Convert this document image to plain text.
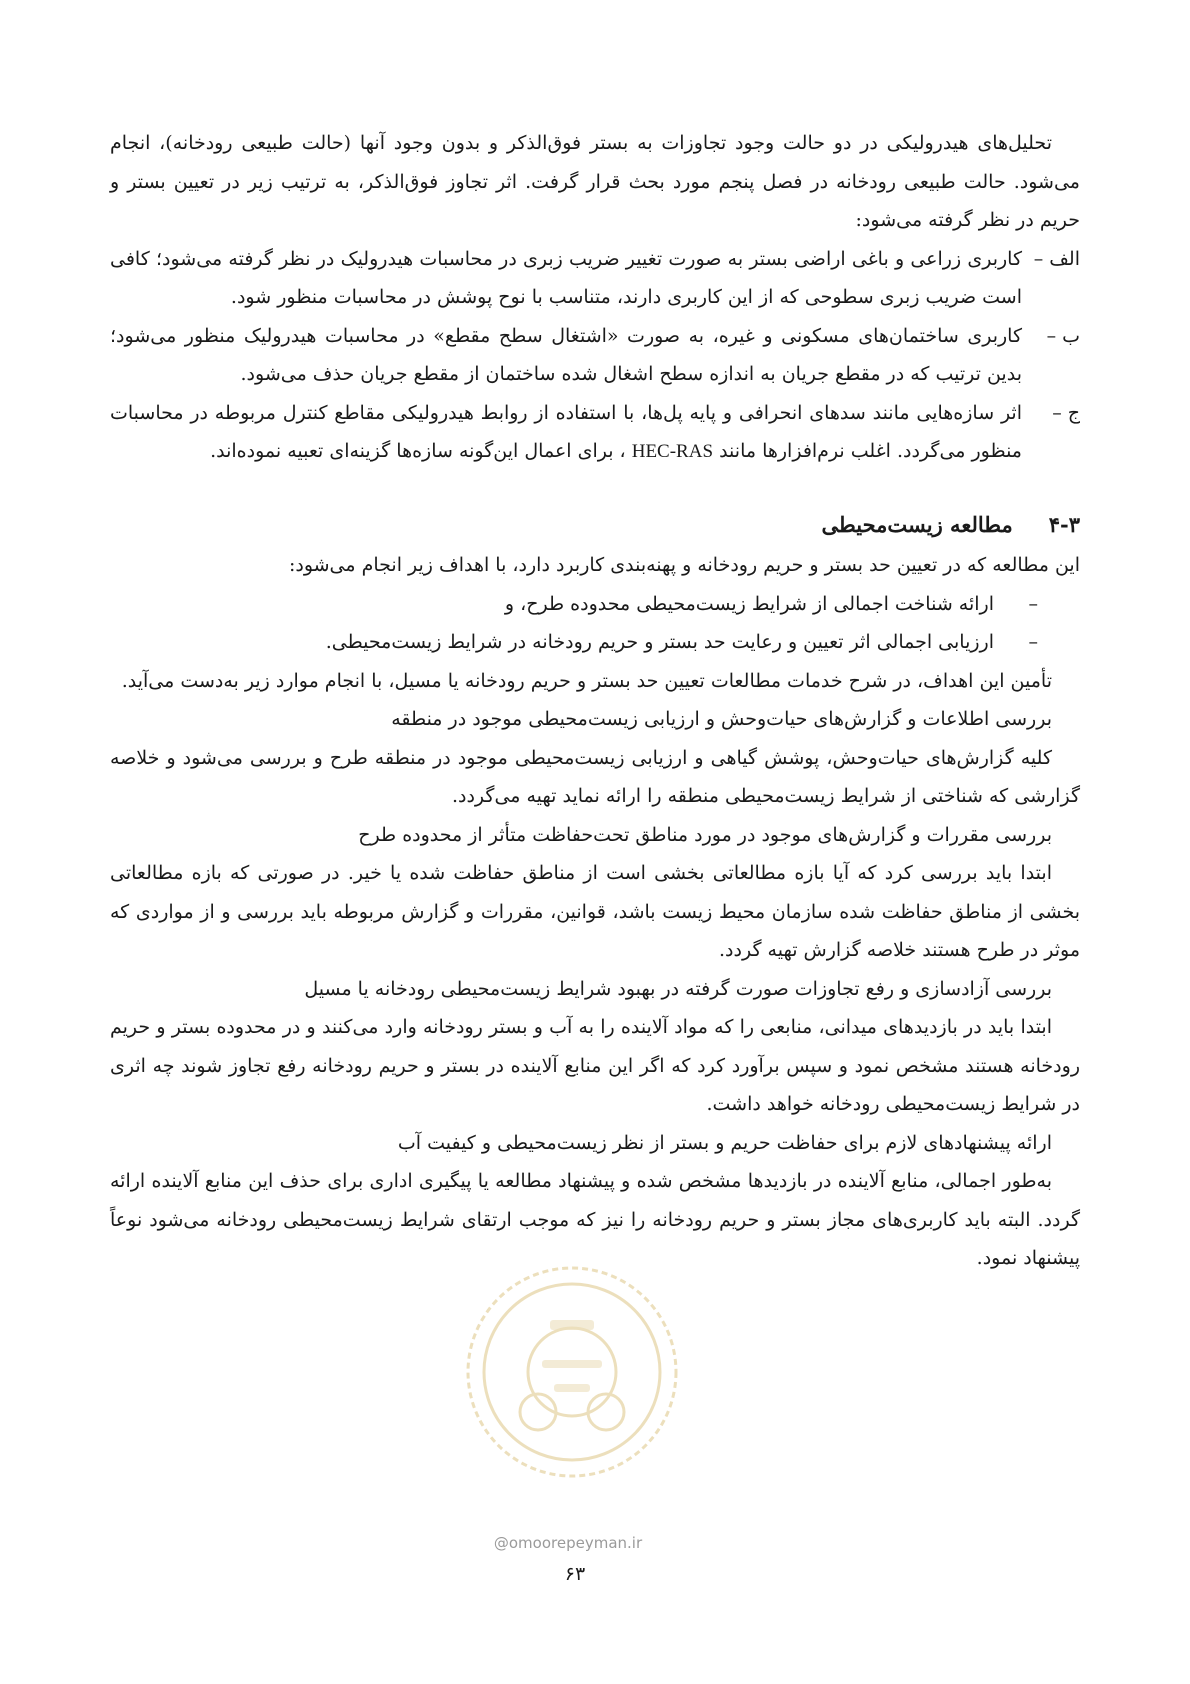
تحلیل‌های هیدرولیکی در دو حالت وجود تجاوزات به بستر فوق‌الذکر و بدون وجود آنها (حالت طبیعی رودخانه)، انجام می‌شود. حالت طبیعی رودخانه در فصل پنجم مورد بحث قرار گرفت. اثر تجاوز فوق‌الذکر، به ترتیب زیر در تعیین بستر و حریم در نظر گرفته می‌شود:

الف –
کاربری زراعی و باغی اراضی بستر به صورت تغییر ضریب زبری در محاسبات هیدرولیک در نظر گرفته می‌شود؛ کافی است ضریب زبری سطوحی که از این کاربری دارند، متناسب با نوح پوشش در محاسبات منظور شود.

ب –
کاربری ساختمان‌های مسکونی و غیره، به صورت «اشتغال سطح مقطع» در محاسبات هیدرولیک منظور می‌شود؛ بدین ترتیب که در مقطع جریان به اندازه سطح اشغال شده ساختمان از مقطع جریان حذف می‌شود.

ج –
اثر سازه‌هایی مانند سدهای انحرافی و پایه پل‌ها، با استفاده از روابط هیدرولیکی مقاطع کنترل مربوطه در محاسبات منظور می‌گردد. اغلب نرم‌افزارها مانند HEC-RAS ، برای اعمال این‌گونه سازه‌ها گزینه‌ای تعبیه نموده‌اند.

۴-۳مطالعه زیست‌محیطی

این مطالعه که در تعیین حد بستر و حریم رودخانه و پهنه‌بندی کاربرد دارد، با اهداف زیر انجام می‌شود:

–
ارائه شناخت اجمالی از شرایط زیست‌محیطی محدوده طرح، و

–
ارزیابی اجمالی اثر تعیین و رعایت حد بستر و حریم رودخانه در شرایط زیست‌محیطی.

تأمین این اهداف، در شرح خدمات مطالعات تعیین حد بستر و حریم رودخانه یا مسیل، با انجام موارد زیر به‌دست می‌آید.

بررسی اطلاعات و گزارش‌های حیات‌وحش و ارزیابی زیست‌محیطی موجود در منطقه

کلیه گزارش‌های حیات‌وحش، پوشش گیاهی و ارزیابی زیست‌محیطی موجود در منطقه طرح و بررسی می‌شود و خلاصه گزارشی که شناختی از شرایط زیست‌محیطی منطقه را ارائه نماید تهیه می‌گردد.

بررسی مقررات و گزارش‌های موجود در مورد مناطق تحت‌حفاظت متأثر از محدوده طرح

ابتدا باید بررسی کرد که آیا بازه مطالعاتی بخشی است از مناطق حفاظت شده یا خیر. در صورتی که بازه مطالعاتی بخشی از مناطق حفاظت شده سازمان محیط زیست باشد، قوانین، مقررات و گزارش مربوطه باید بررسی و از مواردی که موثر در طرح هستند خلاصه گزارش تهیه گردد.

بررسی آزادسازی و رفع تجاوزات صورت گرفته در بهبود شرایط زیست‌محیطی رودخانه یا مسیل

ابتدا باید در بازدیدهای میدانی، منابعی را که مواد آلاینده را به آب و بستر رودخانه وارد می‌کنند و در محدوده بستر و حریم رودخانه هستند مشخص نمود و سپس برآورد کرد که اگر این منابع آلاینده در بستر و حریم رودخانه رفع تجاوز شوند چه اثری در شرایط زیست‌محیطی رودخانه خواهد داشت.

ارائه پیشنهادهای لازم برای حفاظت حریم و بستر از نظر زیست‌محیطی و کیفیت آب

به‌طور اجمالی، منابع آلاینده در بازدیدها مشخص شده و پیشنهاد مطالعه یا پیگیری اداری برای حذف این منابع آلاینده ارائه گردد. البته باید کاربری‌های مجاز بستر و حریم رودخانه را نیز که موجب ارتقای شرایط زیست‌محیطی رودخانه می‌شود نوعاً پیشنهاد نمود.

@omoorepeyman.ir
۶۳
